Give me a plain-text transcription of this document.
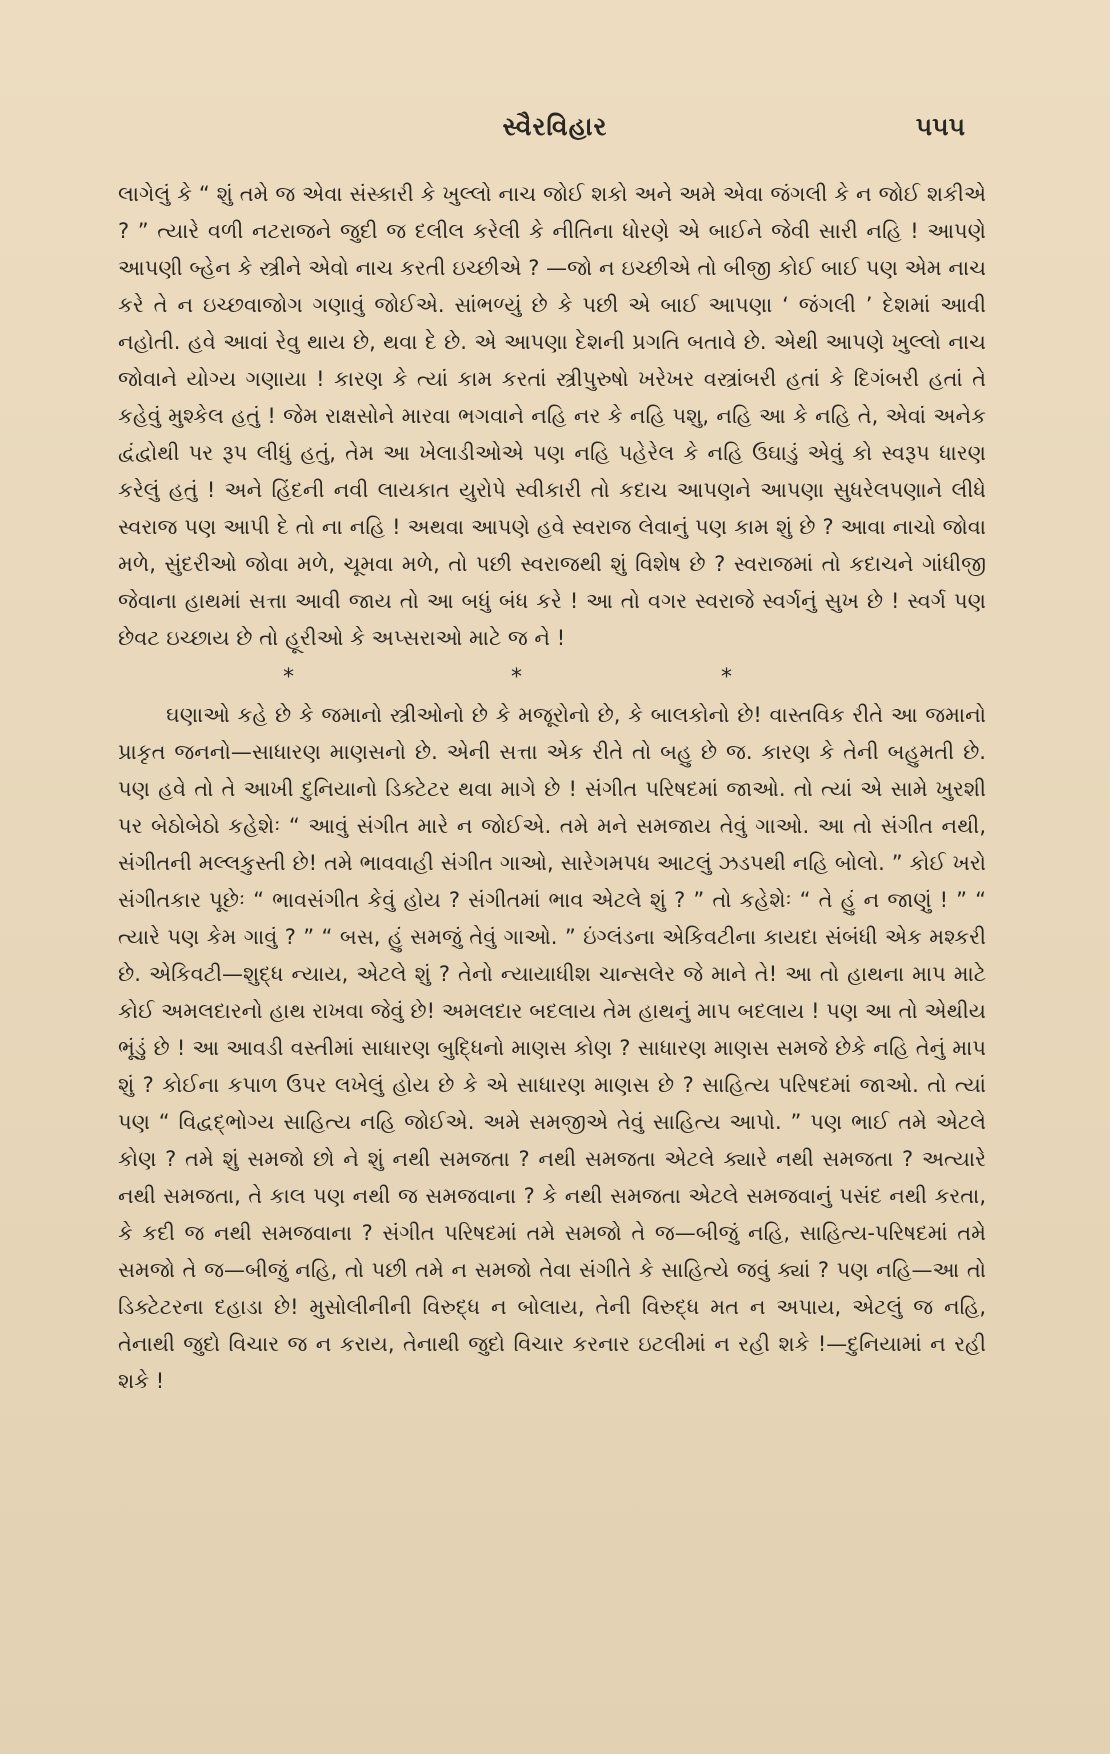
સ્વૈરવિહાર	૫૫૫

લાગેલું કે “ શું તમે જ એવા સંસ્કારી કે ખુલ્લો નાચ જોઈ શકો અને અમે એવા જંગલી કે ન જોઈ શકીએ ? ” ત્યારે વળી નટરાજને જુદી જ દલીલ કરેલી કે નીતિના ધોરણે એ બાઈને જેવી સારી નહિ ! આપણે આપણી બ્હેન કે સ્ત્રીને એવો નાચ કરતી ઇચ્છીએ ? —જો ન ઇચ્છીએ તો બીજી કોઈ બાઈ પણ એમ નાચ કરે તે ન ઇચ્છવાજોગ ગણાવું જોઈએ. સાંભળ્યું છે કે પછી એ બાઈ આપણા ‘ જંગલી ’ દેશમાં આવી નહોતી. હવે આવાં રેવુ થાય છે, થવા દે છે. એ આપણા દેશની પ્રગતિ બતાવે છે. એથી આપણે ખુલ્લો નાચ જોવાને યોગ્ય ગણાયા ! કારણ કે ત્યાં કામ કરતાં સ્ત્રીપુરુષો ખરેખર વસ્ત્રાંબરી હતાં કે દિગંબરી હતાં તે કહેવું મુશ્કેલ હતું ! જેમ રાક્ષસોને મારવા ભગવાને નહિ નર કે નહિ પશુ, નહિ આ કે નહિ તે, એવાં અનેક દ્વંદ્વોથી પર રૂપ લીધું હતું, તેમ આ ખેલાડીઓએ પણ નહિ પહેરેલ કે નહિ ઉઘાડું એવું કો સ્વરૂપ ધારણ કરેલું હતું ! અને હિંદની નવી લાયકાત યુરોપે સ્વીકારી તો કદાચ આપણને આપણા સુધરેલપણાને લીધે સ્વરાજ પણ આપી દે તો ના નહિ ! અથવા આપણે હવે સ્વરાજ લેવાનું પણ કામ શું છે ? આવા નાચો જોવા મળે, સુંદરીઓ જોવા મળે, ચૂમવા મળે, તો પછી સ્વરાજથી શું વિશેષ છે ? સ્વરાજમાં તો કદાચને ગાંધીજી જેવાના હાથમાં સત્તા આવી જાય તો આ બધું બંધ કરે ! આ તો વગર સ્વરાજે સ્વર્ગનું સુખ છે ! સ્વર્ગ પણ છેવટ ઇચ્છાય છે તો હૂરીઓ કે અપ્સરાઓ માટે જ ને !

*	*	*

ઘણાઓ કહે છે કે જમાનો સ્ત્રીઓનો છે કે મજૂરોનો છે, કે બાલકોનો છે! વાસ્તવિક રીતે આ જમાનો પ્રાકૃત જનનો—સાધારણ માણસનો છે. એની સત્તા એક રીતે તો બહુ છે જ. કારણ કે તેની બહુમતી છે. પણ હવે તો તે આખી દુનિયાનો ડિક્ટેટર થવા માગે છે ! સંગીત પરિષદમાં જાઓ. તો ત્યાં એ સામે ખુરશી પર બેઠોબેઠો કહેશેઃ “ આવું સંગીત મારે ન જોઈએ. તમે મને સમજાય તેવું ગાઓ. આ તો સંગીત નથી, સંગીતની મલ્લકુસ્તી છે! તમે ભાવવાહી સંગીત ગાઓ, સારેગમપધ આટલું ઝડપથી નહિ બોલો. ” કોઈ ખરો સંગીતકાર પૂછેઃ “ ભાવસંગીત કેવું હોય ? સંગીતમાં ભાવ એટલે શું ? ” તો કહેશેઃ “ તે હું ન જાણું ! ” “ ત્યારે પણ કેમ ગાવું ? ” “ બસ, હું સમજું તેવું ગાઓ. ” ઇંગ્લંડના એકિવટીના કાયદા સંબંધી એક મશ્કરી છે. એકિવટી—શુદ્ધ ન્યાય, એટલે શું ? તેનો ન્યાયાધીશ ચાન્સલેર જે માને તે! આ તો હાથના માપ માટે કોઈ અમલદારનો હાથ રાખવા જેવું છે! અમલદાર બદલાય તેમ હાથનું માપ બદલાય ! પણ આ તો એથીય ભૂંડું છે ! આ આવડી વસ્તીમાં સાધારણ બુદ્ધિનો માણસ કોણ ? સાધારણ માણસ સમજે છેકે નહિ તેનું માપ શું ? કોઈના કપાળ ઉપર લખેલું હોય છે કે એ સાધારણ માણસ છે ? સાહિત્ય પરિષદમાં જાઓ. તો ત્યાં પણ “ વિદ્વદ્ભોગ્ય સાહિત્ય નહિ જોઈએ. અમે સમજીએ તેવું સાહિત્ય આપો. ” પણ ભાઈ તમે એટલે કોણ ? તમે શું સમજો છો ને શું નથી સમજતા ? નથી સમજતા એટલે ક્યારે નથી સમજતા ? અત્યારે નથી સમજતા, તે કાલ પણ નથી જ સમજવાના ? કે નથી સમજતા એટલે સમજવાનું પસંદ નથી કરતા, કે કદી જ નથી સમજવાના ? સંગીત પરિષદમાં તમે સમજો તે જ—બીજું નહિ, સાહિત્ય-પરિષદમાં તમે સમજો તે જ—બીજું નહિ, તો પછી તમે ન સમજો તેવા સંગીતે કે સાહિત્યે જવું ક્યાં ? પણ નહિ—આ તો ડિક્ટેટરના દહાડા છે! મુસોલીનીની વિરુદ્ધ ન બોલાય, તેની વિરુદ્ધ મત ન અપાય, એટલું જ નહિ, તેનાથી જુદો વિચાર જ ન કરાય, તેનાથી જુદો વિચાર કરનાર ઇટલીમાં ન રહી શકે !—દુનિયામાં ન રહી શકે !
